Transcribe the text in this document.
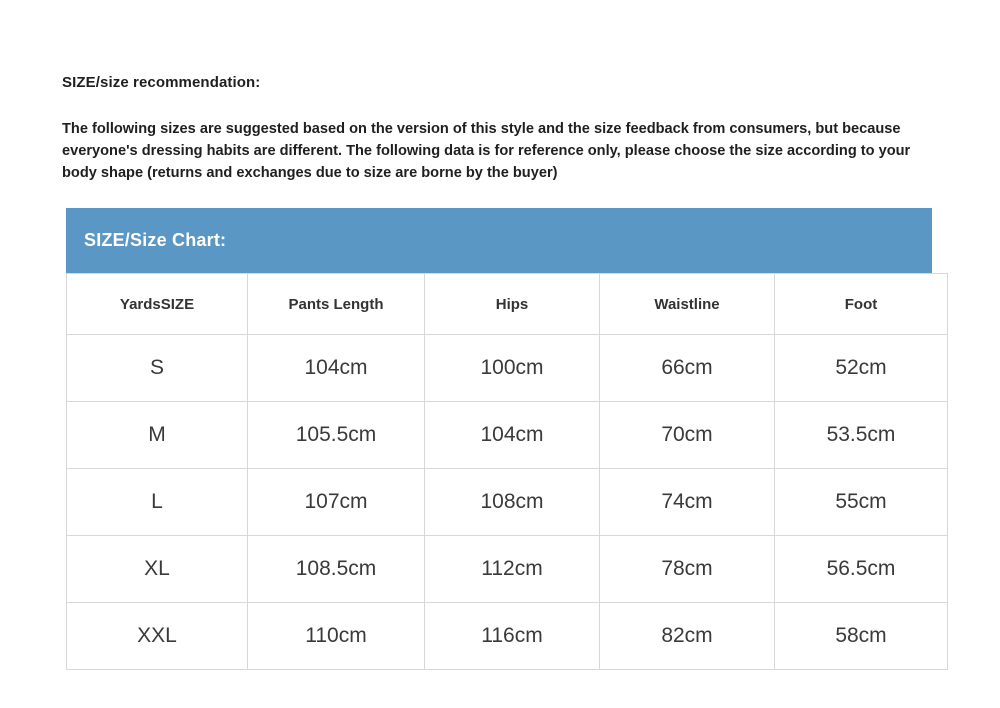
SIZE/size recommendation:
The following sizes are suggested based on the version of this style and the size feedback from consumers, but because everyone's dressing habits are different. The following data is for reference only, please choose the size according to your body shape (returns and exchanges due to size are borne by the buyer)
SIZE/Size Chart:
YardsSIZE	Pants Length	Hips	Waistline	Foot
S	104cm	100cm	66cm	52cm
M	105.5cm	104cm	70cm	53.5cm
L	107cm	108cm	74cm	55cm
XL	108.5cm	112cm	78cm	56.5cm
XXL	110cm	116cm	82cm	58cm
